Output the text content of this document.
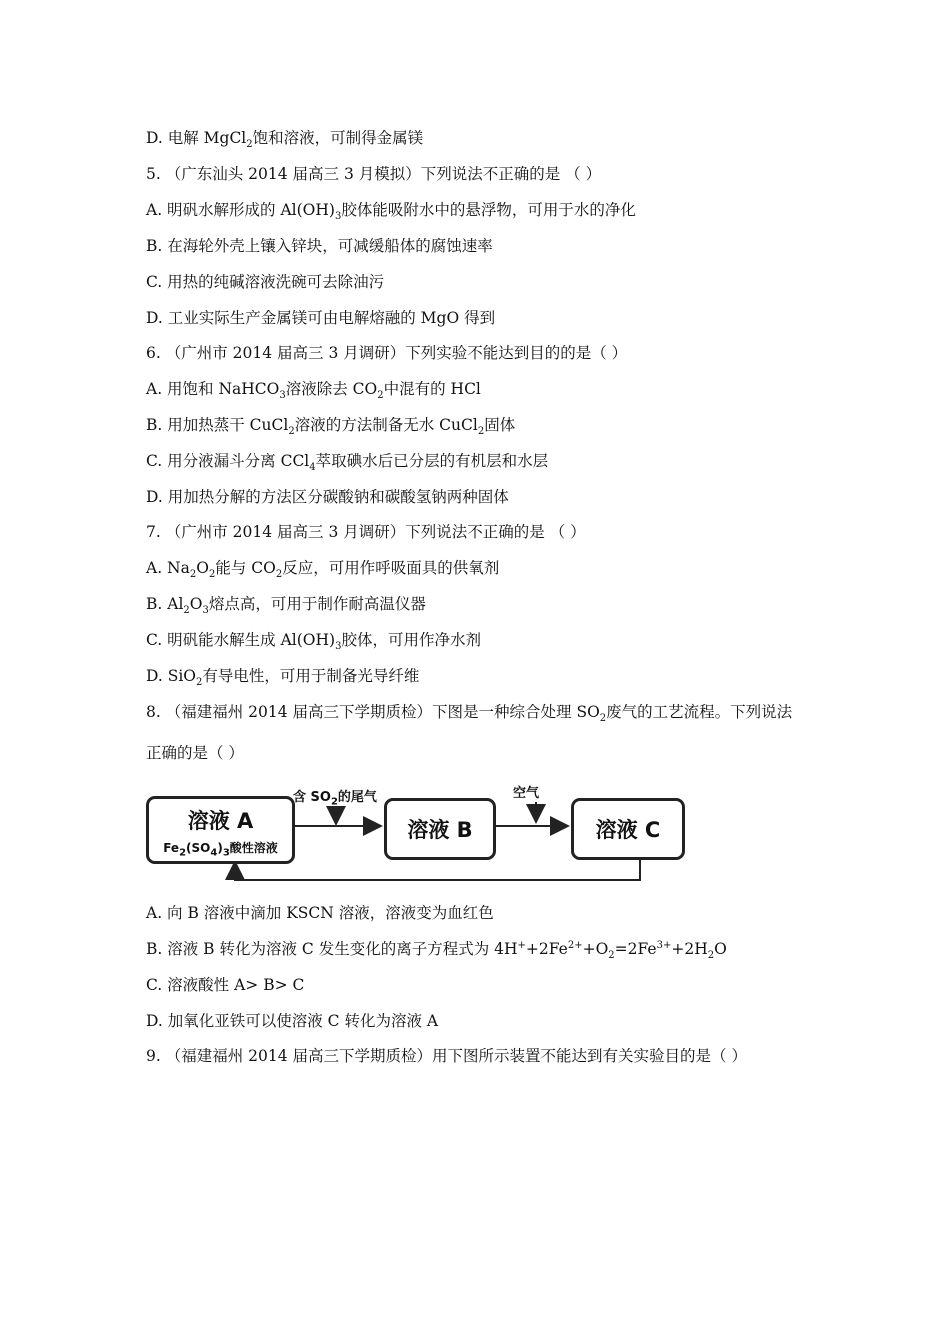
D. 电解 MgCl$_2$饱和溶液，可制得金属镁
5. （广东汕头 2014 届高三 3 月模拟）下列说法不正确的是 （ ）
A. 明矾水解形成的 $Al(OH)_3$胶体能吸附水中的悬浮物，可用于水的净化
B. 在海轮外壳上镶入锌块，可减缓船体的腐蚀速率
C. 用热的纯碱溶液洗碗可去除油污
D. 工业实际生产金属镁可由电解熔融的 MgO 得到
6. （广州市 2014 届高三 3 月调研）下列实验不能达到目的的是（ ）
A. 用饱和 NaHCO$_3$溶液除去 $CO_2$中混有的 HCl
B. 用加热蒸干 CuCl$_2$溶液的方法制备无水 CuCl$_2$固体
C. 用分液漏斗分离 CCl$_4$萃取碘水后已分层的有机层和水层
D. 用加热分解的方法区分碳酸钠和碳酸氢钠两种固体
7. （广州市 2014 届高三 3 月调研）下列说法不正确的是 （ ）
A. $Na_2O_2$能与 $CO_2$反应，可用作呼吸面具的供氧剂
B. $Al_2O_3$熔点高，可用于制作耐高温仪器
C. 明矾能水解生成 $Al(OH)_3$胶体，可用作净水剂
D. SiO$_2$有导电性，可用于制备光导纤维
8. （福建福州 2014 届高三下学期质检）下图是一种综合处理 $SO_2$废气的工艺流程。下列说法
正确的是（ ）
溶液 A
$Fe_2(SO_4)_3$酸性溶液
含 $SO_2$的尾气
溶液 B
空气
溶液 C
A. 向 B 溶液中滴加 KSCN 溶液，溶液变为血红色
B. 溶液 B 转化为溶液 C 发生变化的离子方程式为 $4H^++2Fe^{2+}+O_2=2Fe^{3+}+2H_2O$
C. 溶液酸性 A> B> C
D. 加氧化亚铁可以使溶液 C 转化为溶液 A
9. （福建福州 2014 届高三下学期质检）用下图所示装置不能达到有关实验目的是（ ）
